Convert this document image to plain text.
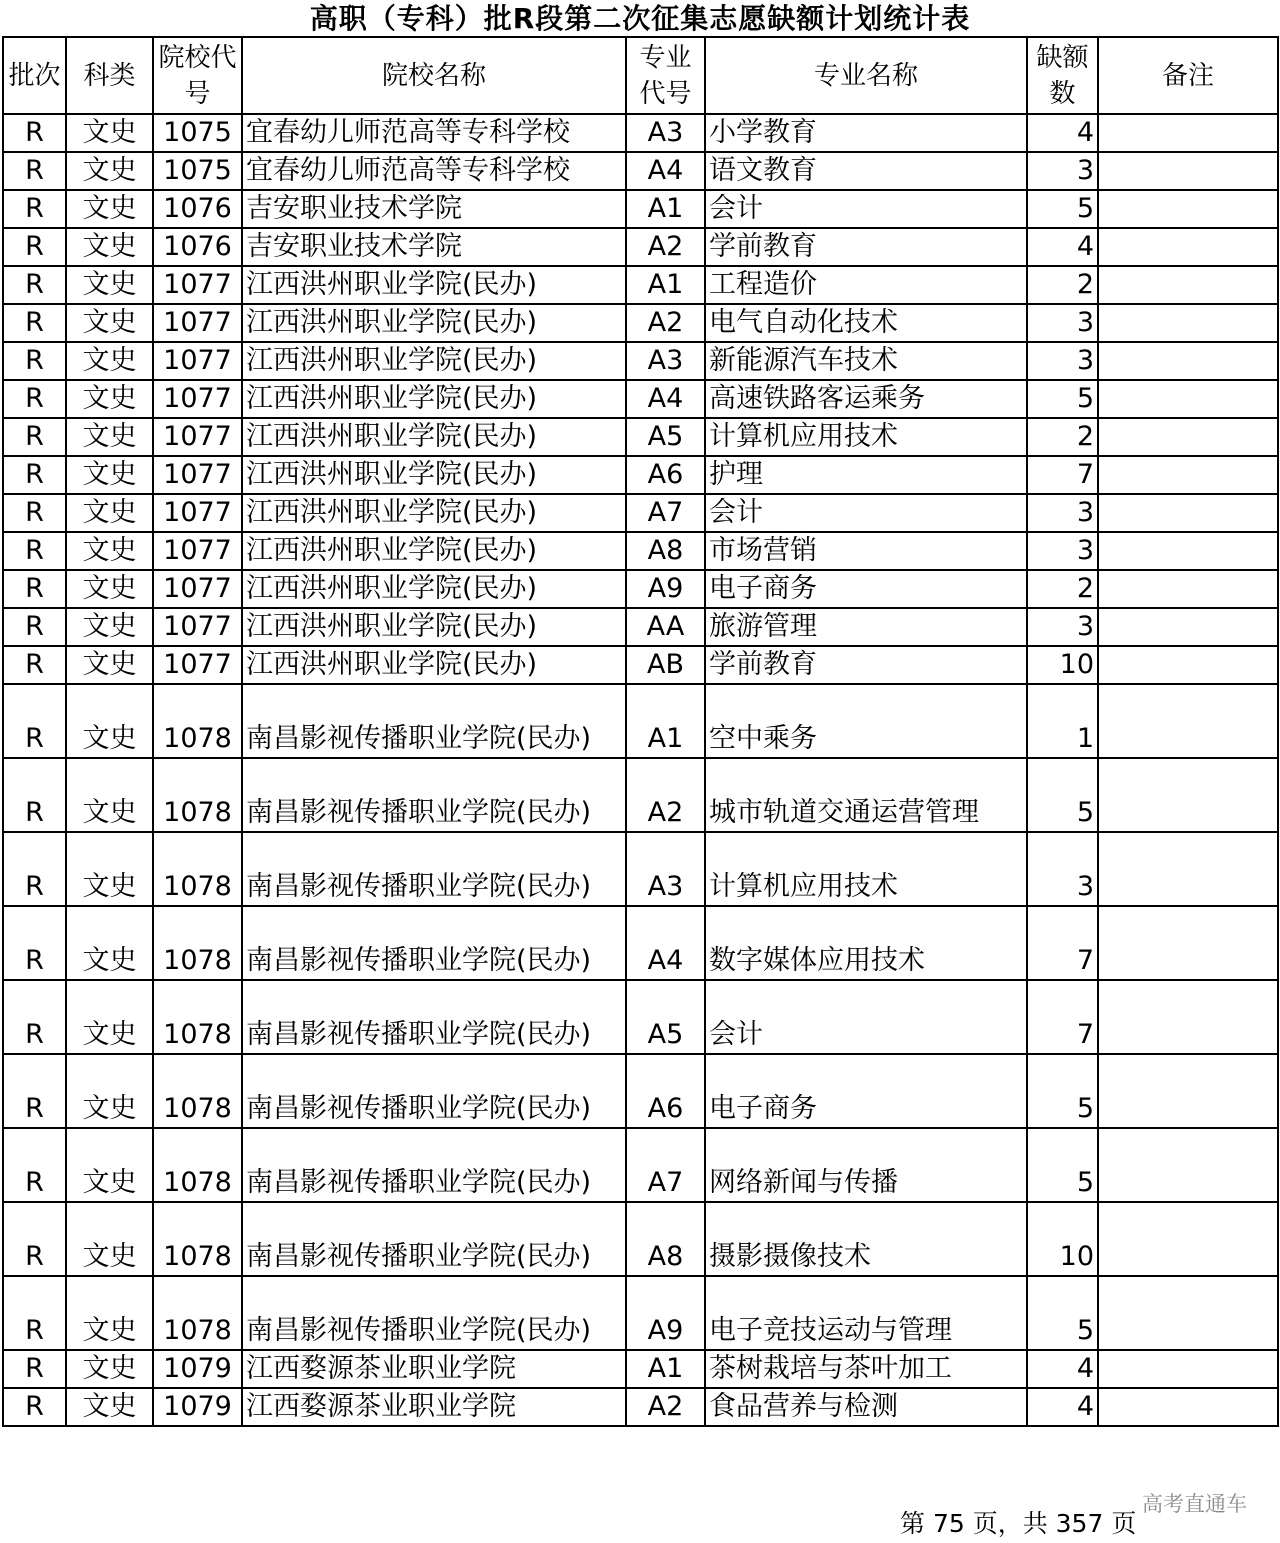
高职（专科）批R段第二次征集志愿缺额计划统计表
批次	科类	院校代号	院校名称	专业代号	专业名称	缺额数	备注
R	文史	1075	宜春幼儿师范高等专科学校	A3	小学教育	4	
R	文史	1075	宜春幼儿师范高等专科学校	A4	语文教育	3	
R	文史	1076	吉安职业技术学院	A1	会计	5	
R	文史	1076	吉安职业技术学院	A2	学前教育	4	
R	文史	1077	江西洪州职业学院(民办)	A1	工程造价	2	
R	文史	1077	江西洪州职业学院(民办)	A2	电气自动化技术	3	
R	文史	1077	江西洪州职业学院(民办)	A3	新能源汽车技术	3	
R	文史	1077	江西洪州职业学院(民办)	A4	高速铁路客运乘务	5	
R	文史	1077	江西洪州职业学院(民办)	A5	计算机应用技术	2	
R	文史	1077	江西洪州职业学院(民办)	A6	护理	7	
R	文史	1077	江西洪州职业学院(民办)	A7	会计	3	
R	文史	1077	江西洪州职业学院(民办)	A8	市场营销	3	
R	文史	1077	江西洪州职业学院(民办)	A9	电子商务	2	
R	文史	1077	江西洪州职业学院(民办)	AA	旅游管理	3	
R	文史	1077	江西洪州职业学院(民办)	AB	学前教育	10	
R	文史	1078	南昌影视传播职业学院(民办)	A1	空中乘务	1	
R	文史	1078	南昌影视传播职业学院(民办)	A2	城市轨道交通运营管理	5	
R	文史	1078	南昌影视传播职业学院(民办)	A3	计算机应用技术	3	
R	文史	1078	南昌影视传播职业学院(民办)	A4	数字媒体应用技术	7	
R	文史	1078	南昌影视传播职业学院(民办)	A5	会计	7	
R	文史	1078	南昌影视传播职业学院(民办)	A6	电子商务	5	
R	文史	1078	南昌影视传播职业学院(民办)	A7	网络新闻与传播	5	
R	文史	1078	南昌影视传播职业学院(民办)	A8	摄影摄像技术	10	
R	文史	1078	南昌影视传播职业学院(民办)	A9	电子竞技运动与管理	5	
R	文史	1079	江西婺源茶业职业学院	A1	茶树栽培与茶叶加工	4	
R	文史	1079	江西婺源茶业职业学院	A2	食品营养与检测	4	
第 75 页，共 357 页
高考直通车
